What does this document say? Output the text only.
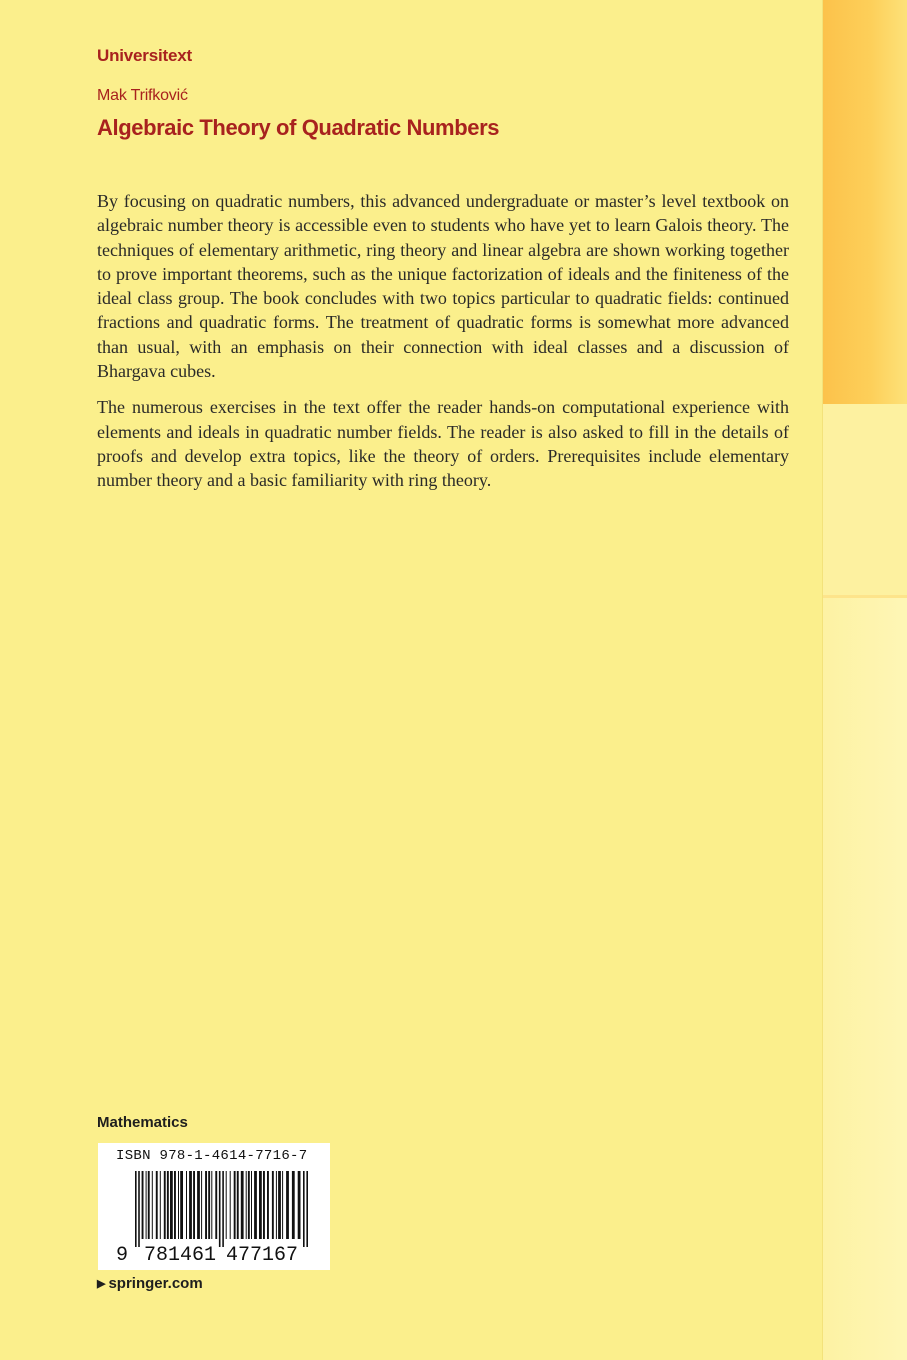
Universitext
Mak Trifković
Algebraic Theory of Quadratic Numbers

By focusing on quadratic numbers, this advanced undergraduate or master’s level textbook on algebraic number theory is accessible even to students who have yet to learn Galois theory. The techniques of elementary arithmetic, ring theory and linear algebra are shown working together to prove important theorems, such as the unique factorization of ideals and the finiteness of the ideal class group. The book concludes with two topics particular to quadratic fields: continued fractions and quadratic forms. The treatment of quadratic forms is somewhat more advanced than usual, with an emphasis on their connection with ideal classes and a discussion of Bhargava cubes.

The numerous exercises in the text offer the reader hands-on computational experience with elements and ideals in quadratic number fields. The reader is also asked to fill in the details of proofs and develop extra topics, like the theory of orders. Prerequisites include elementary number theory and a basic familiarity with ring theory.

Mathematics
9 781461 477167
ISBN 978-1-4614-7716-7
▶ springer.com
